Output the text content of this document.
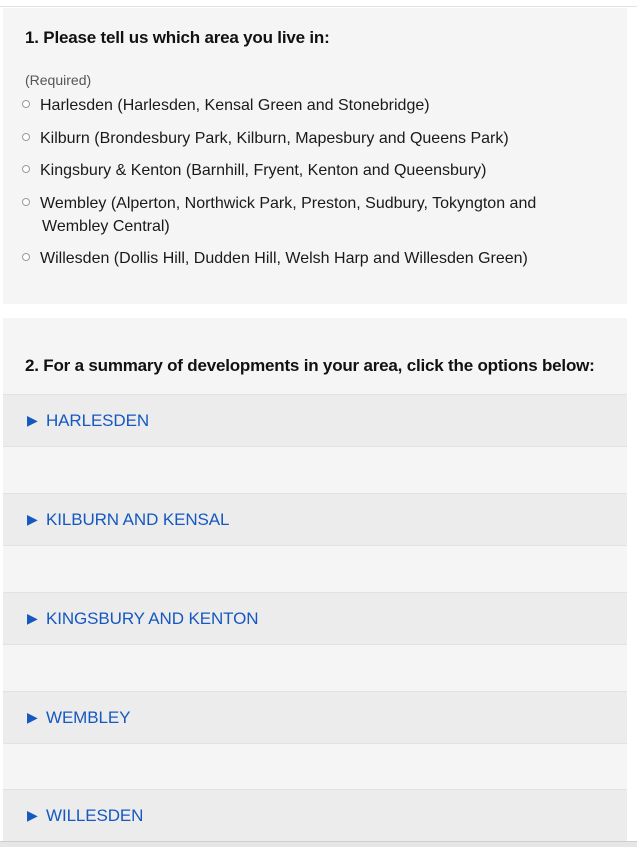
1. Please tell us which area you live in:
(Required)
Harlesden (Harlesden, Kensal Green and Stonebridge)
Kilburn (Brondesbury Park, Kilburn, Mapesbury and Queens Park)
Kingsbury & Kenton (Barnhill, Fryent, Kenton and Queensbury)
Wembley (Alperton, Northwick Park, Preston, Sudbury, Tokyngton and
Wembley Central)
Willesden (Dollis Hill, Dudden Hill, Welsh Harp and Willesden Green)
2. For a summary of developments in your area, click the options below:
▶ HARLESDEN
▶ KILBURN AND KENSAL
▶ KINGSBURY AND KENTON
▶ WEMBLEY
▶ WILLESDEN
